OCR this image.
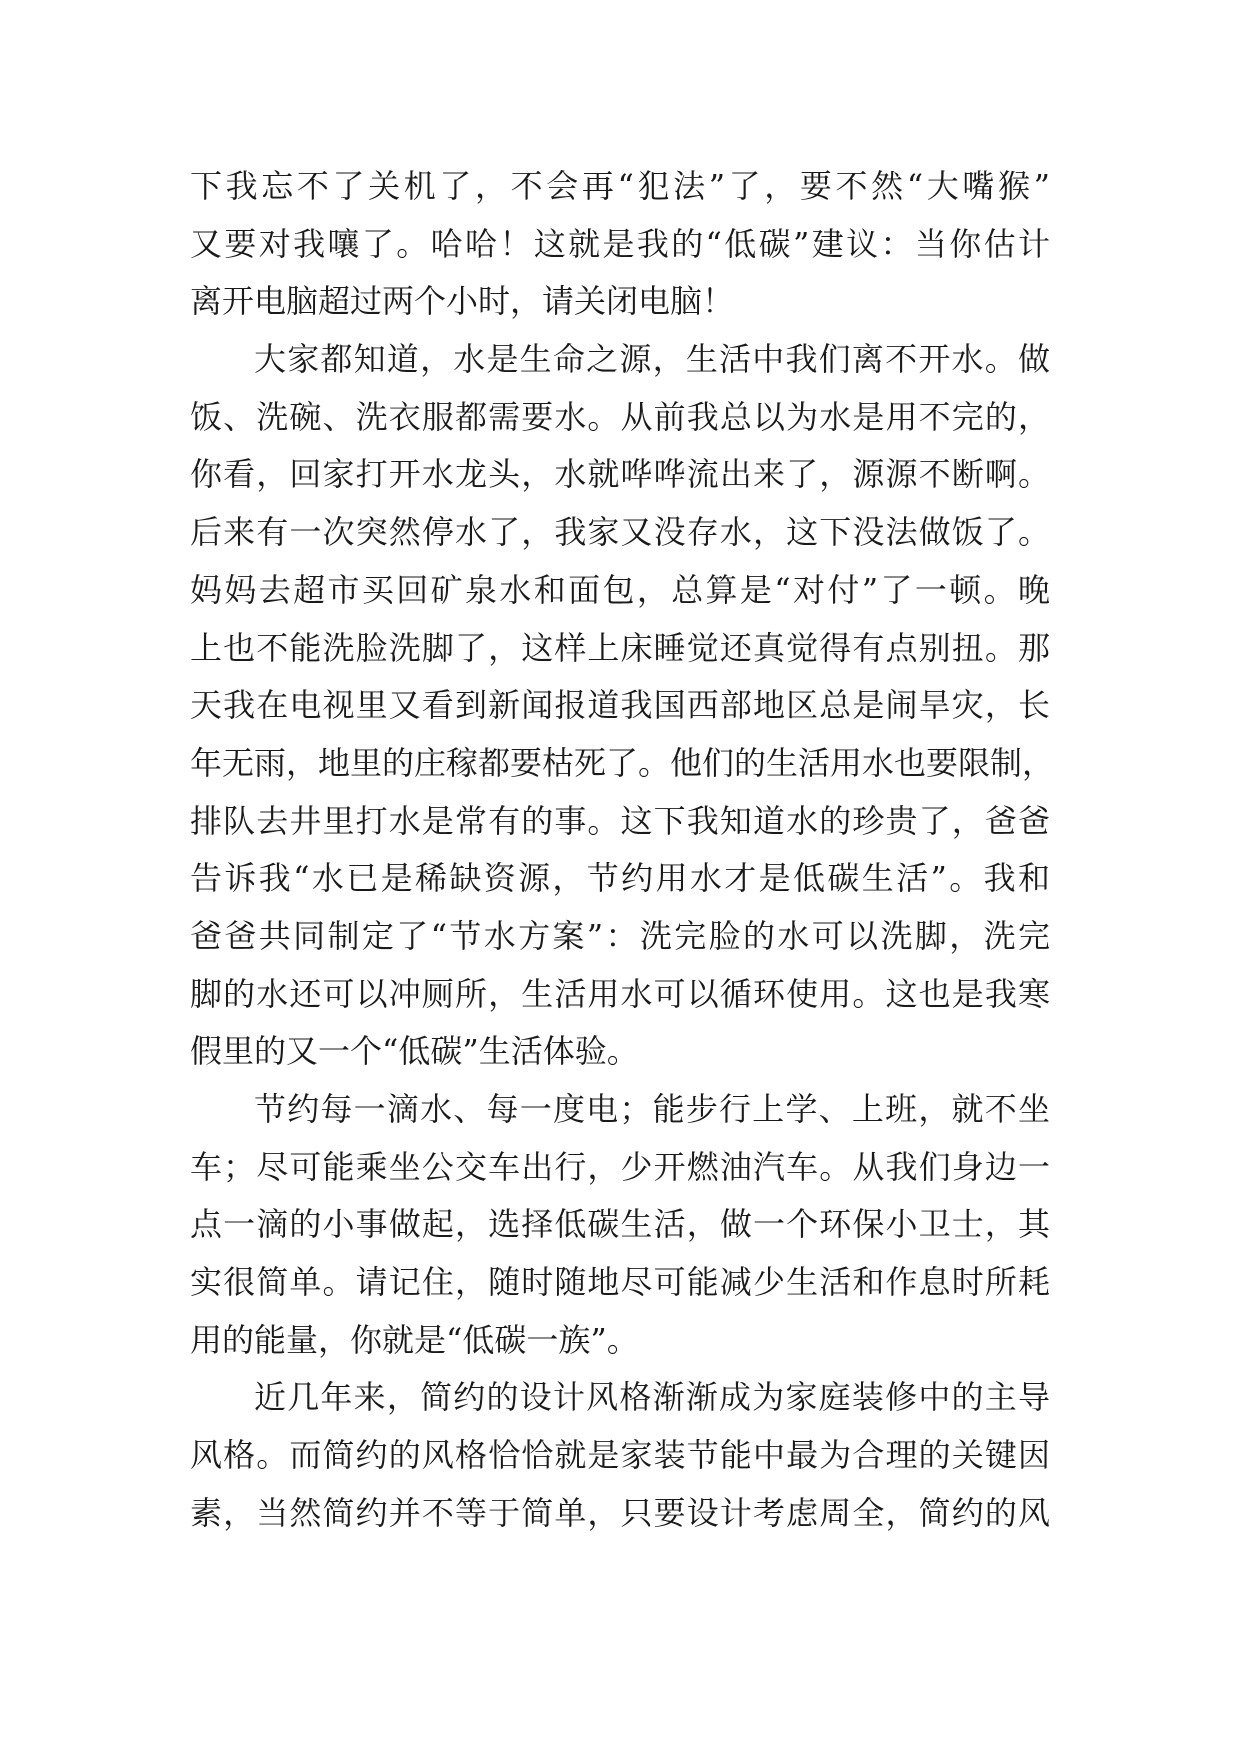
下我忘不了关机了，不会再“犯法”了，要不然“大嘴猴”
又要对我嚷了。哈哈！这就是我的“低碳”建议：当你估计
离开电脑超过两个小时，请关闭电脑！
大家都知道，水是生命之源，生活中我们离不开水。做
饭、洗碗、洗衣服都需要水。从前我总以为水是用不完的，
你看，回家打开水龙头，水就哗哗流出来了，源源不断啊。
后来有一次突然停水了，我家又没存水，这下没法做饭了。
妈妈去超市买回矿泉水和面包，总算是“对付”了一顿。晚
上也不能洗脸洗脚了，这样上床睡觉还真觉得有点别扭。那
天我在电视里又看到新闻报道我国西部地区总是闹旱灾，长
年无雨，地里的庄稼都要枯死了。他们的生活用水也要限制，
排队去井里打水是常有的事。这下我知道水的珍贵了，爸爸
告诉我“水已是稀缺资源，节约用水才是低碳生活”。我和
爸爸共同制定了“节水方案”：洗完脸的水可以洗脚，洗完
脚的水还可以冲厕所，生活用水可以循环使用。这也是我寒
假里的又一个“低碳”生活体验。
节约每一滴水、每一度电；能步行上学、上班，就不坐
车；尽可能乘坐公交车出行，少开燃油汽车。从我们身边一
点一滴的小事做起，选择低碳生活，做一个环保小卫士，其
实很简单。请记住，随时随地尽可能减少生活和作息时所耗
用的能量，你就是“低碳一族”。
近几年来，简约的设计风格渐渐成为家庭装修中的主导
风格。而简约的风格恰恰就是家装节能中最为合理的关键因
素，当然简约并不等于简单，只要设计考虑周全，简约的风
